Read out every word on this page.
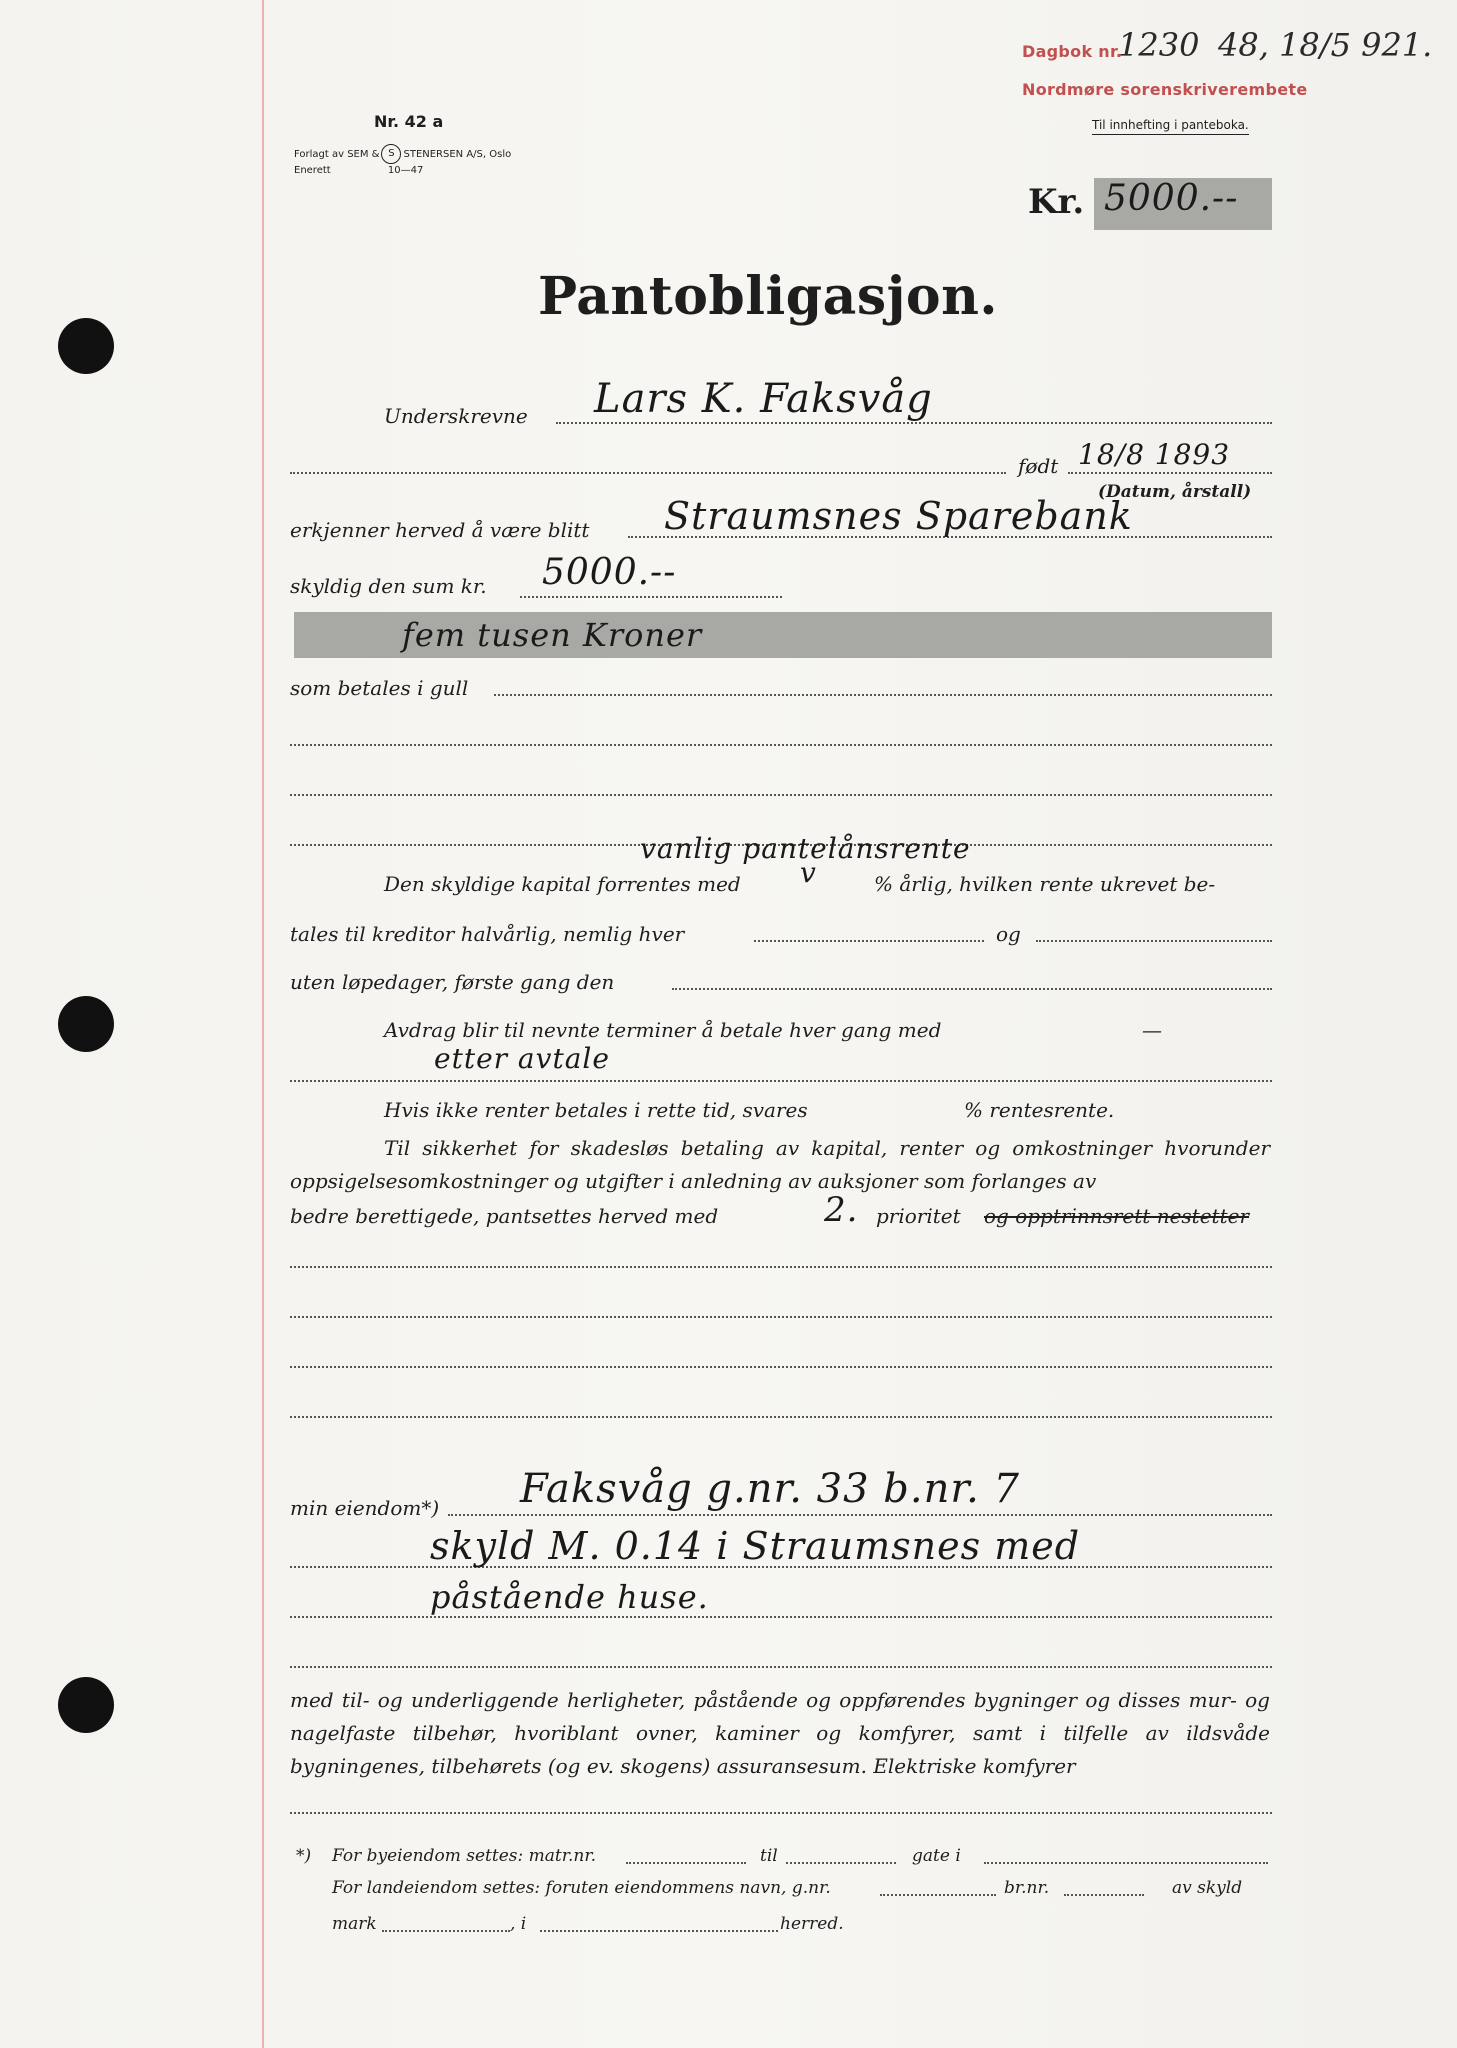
Dagbok nr.
1230 48, 18/5 921.
Nordmøre sorenskriverembete
Nr. 42 a
Forlagt av SEM & S STENERSEN A/S, Oslo
Enerett	10—47
Til innhefting i panteboka.
Kr. 5000.--
Pantobligasjon.
Underskrevne Lars K. Faksvåg
født 18/8 1893
(Datum, årstall)
erkjenner herved å være blitt Straumsnes Sparebank
skyldig den sum kr. 5000.--
fem tusen Kroner
som betales i gull
vanlig pantelånsrente
Den skyldige kapital forrentes med v	% årlig, hvilken rente ukrevet be-
tales til kreditor halvårlig, nemlig hver	og
uten løpedager, første gang den
Avdrag blir til nevnte terminer å betale hver gang med	—
etter avtale
Hvis ikke renter betales i rette tid, svares	% rentesrente.
Til sikkerhet for skadesløs betaling av kapital, renter og omkostninger hvorunder oppsigelsesomkostninger og utgifter i anledning av auksjoner som forlanges av
bedre berettigede, pantsettes herved med	2. prioritet og opptrinnsrett nestetter
min eiendom*) Faksvåg g.nr. 33 b.nr. 7
skyld M. 0.14 i Straumsnes med
påstående huse.
med til- og underliggende herligheter, påstående og oppførendes bygninger og disses mur- og nagelfaste tilbehør, hvoriblant ovner, kaminer og komfyrer, samt i tilfelle av ildsvåde bygningenes, tilbehørets (og ev. skogens) assuransesum. Elektriske komfyrer
*) For byeiendom settes: matr.nr.	til	gate i
For landeiendom settes: foruten eiendommens navn, g.nr.	br.nr.	av skyld
mark	, i	herred.
